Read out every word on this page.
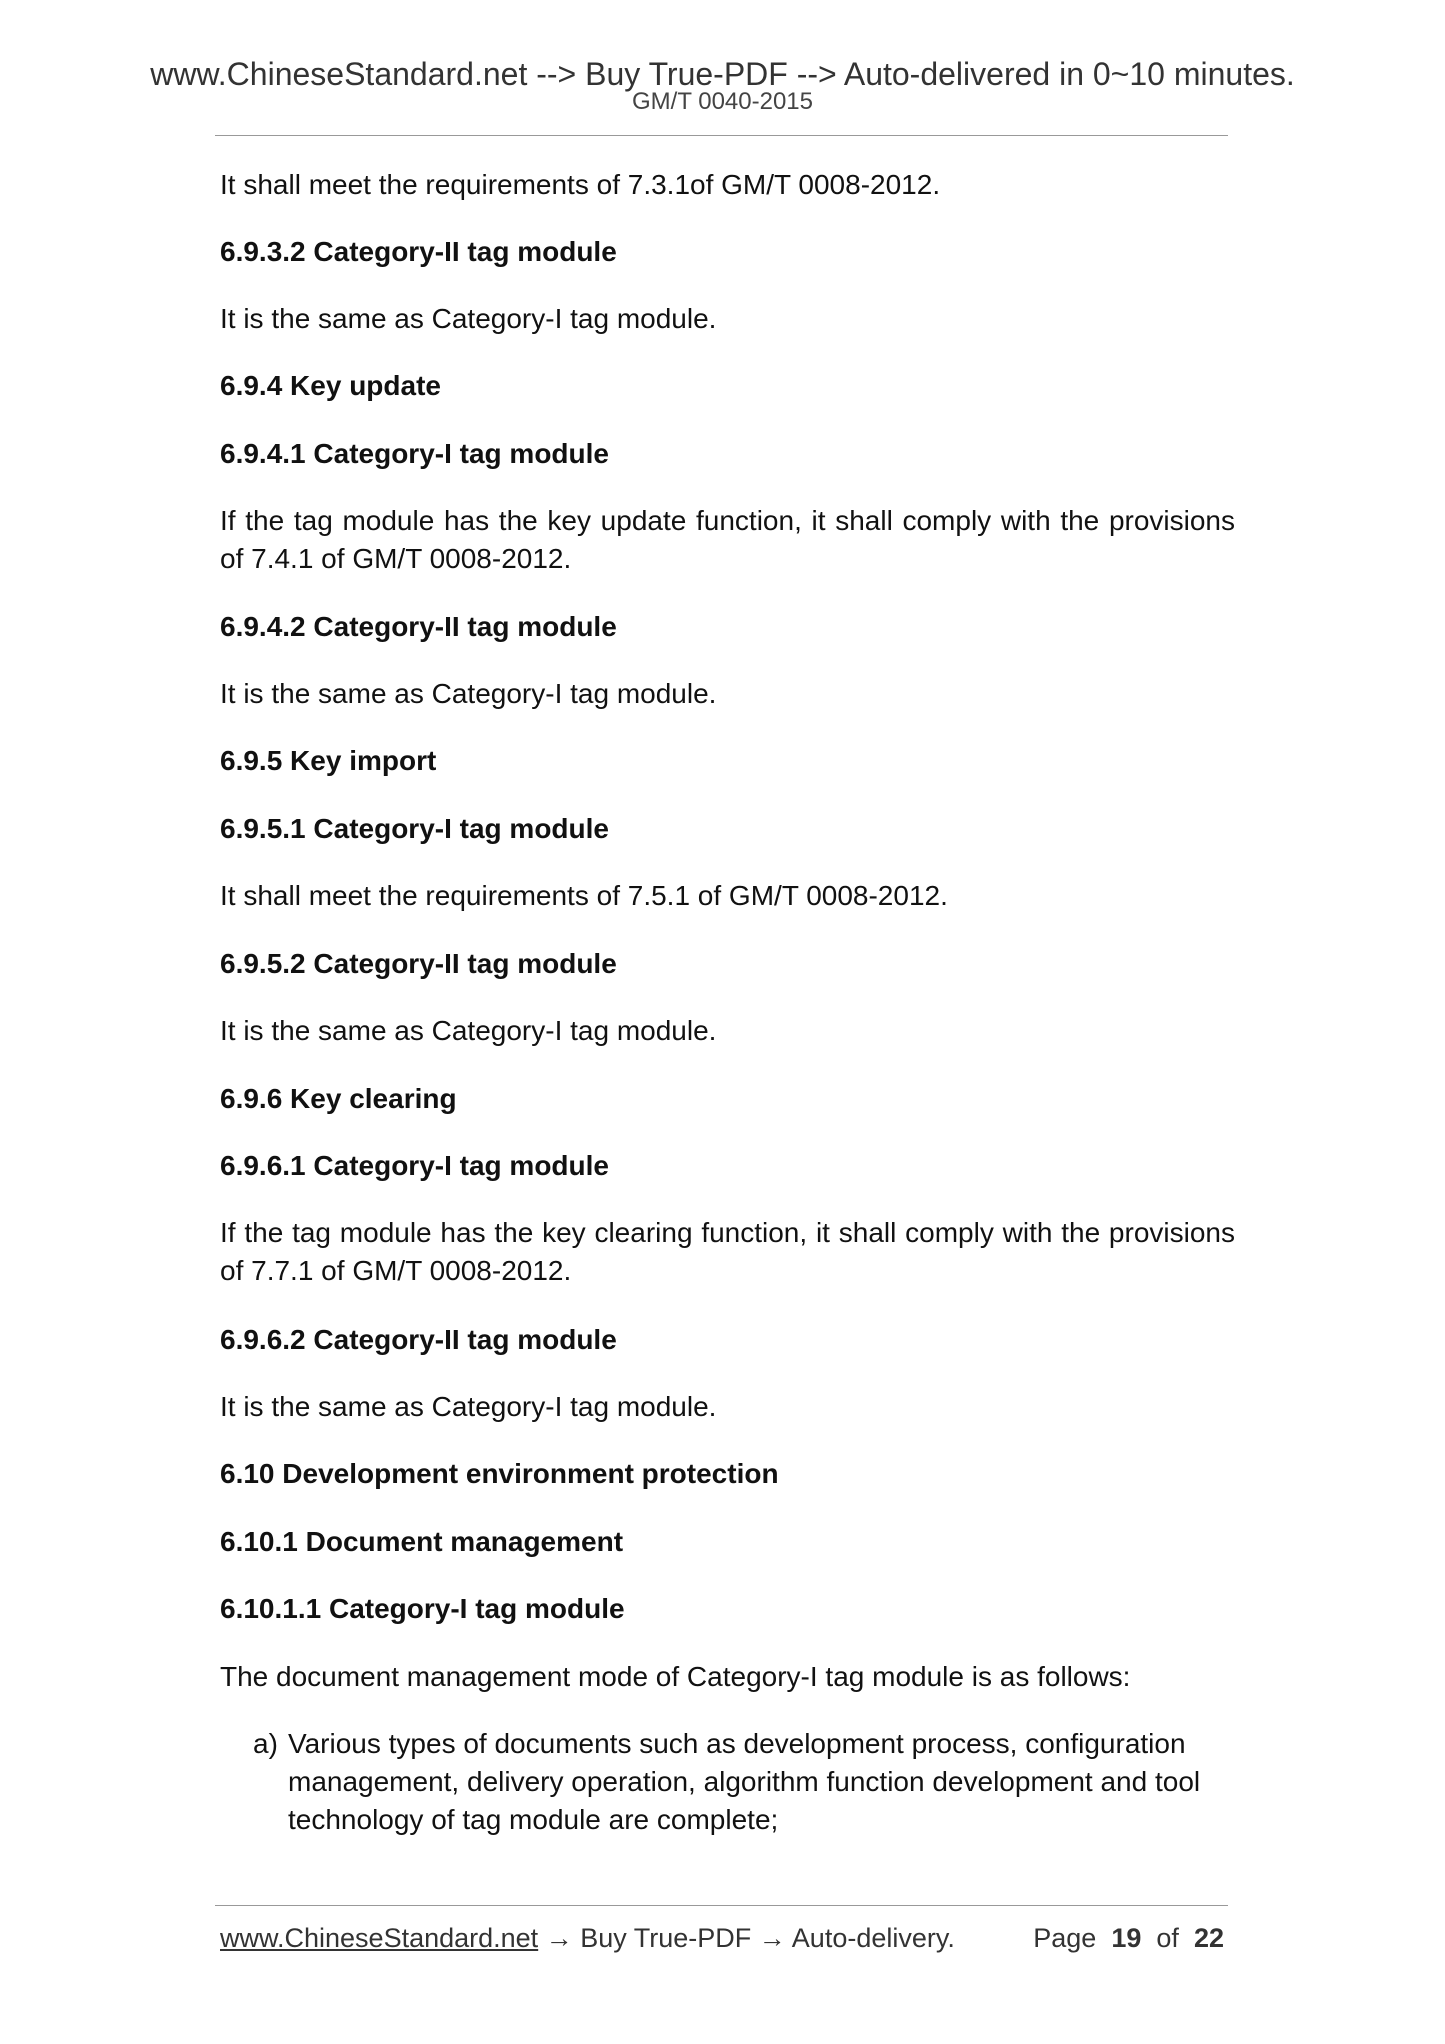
www.ChineseStandard.net --> Buy True-PDF --> Auto-delivered in 0~10 minutes.
GM/T 0040-2015

It shall meet the requirements of 7.3.1of GM/T 0008-2012.

6.9.3.2 Category-II tag module

It is the same as Category-I tag module.

6.9.4 Key update

6.9.4.1 Category-I tag module

If the tag module has the key update function, it shall comply with the provisions of 7.4.1 of GM/T 0008-2012.

6.9.4.2 Category-II tag module

It is the same as Category-I tag module.

6.9.5 Key import

6.9.5.1 Category-I tag module

It shall meet the requirements of 7.5.1 of GM/T 0008-2012.

6.9.5.2 Category-II tag module

It is the same as Category-I tag module.

6.9.6 Key clearing

6.9.6.1 Category-I tag module

If the tag module has the key clearing function, it shall comply with the provisions of 7.7.1 of GM/T 0008-2012.

6.9.6.2 Category-II tag module

It is the same as Category-I tag module.

6.10 Development environment protection

6.10.1 Document management

6.10.1.1 Category-I tag module

The document management mode of Category-I tag module is as follows:

a) Various types of documents such as development process, configuration management, delivery operation, algorithm function development and tool technology of tag module are complete;
www.ChineseStandard.net → Buy True-PDF → Auto-delivery.	Page 19 of 22
